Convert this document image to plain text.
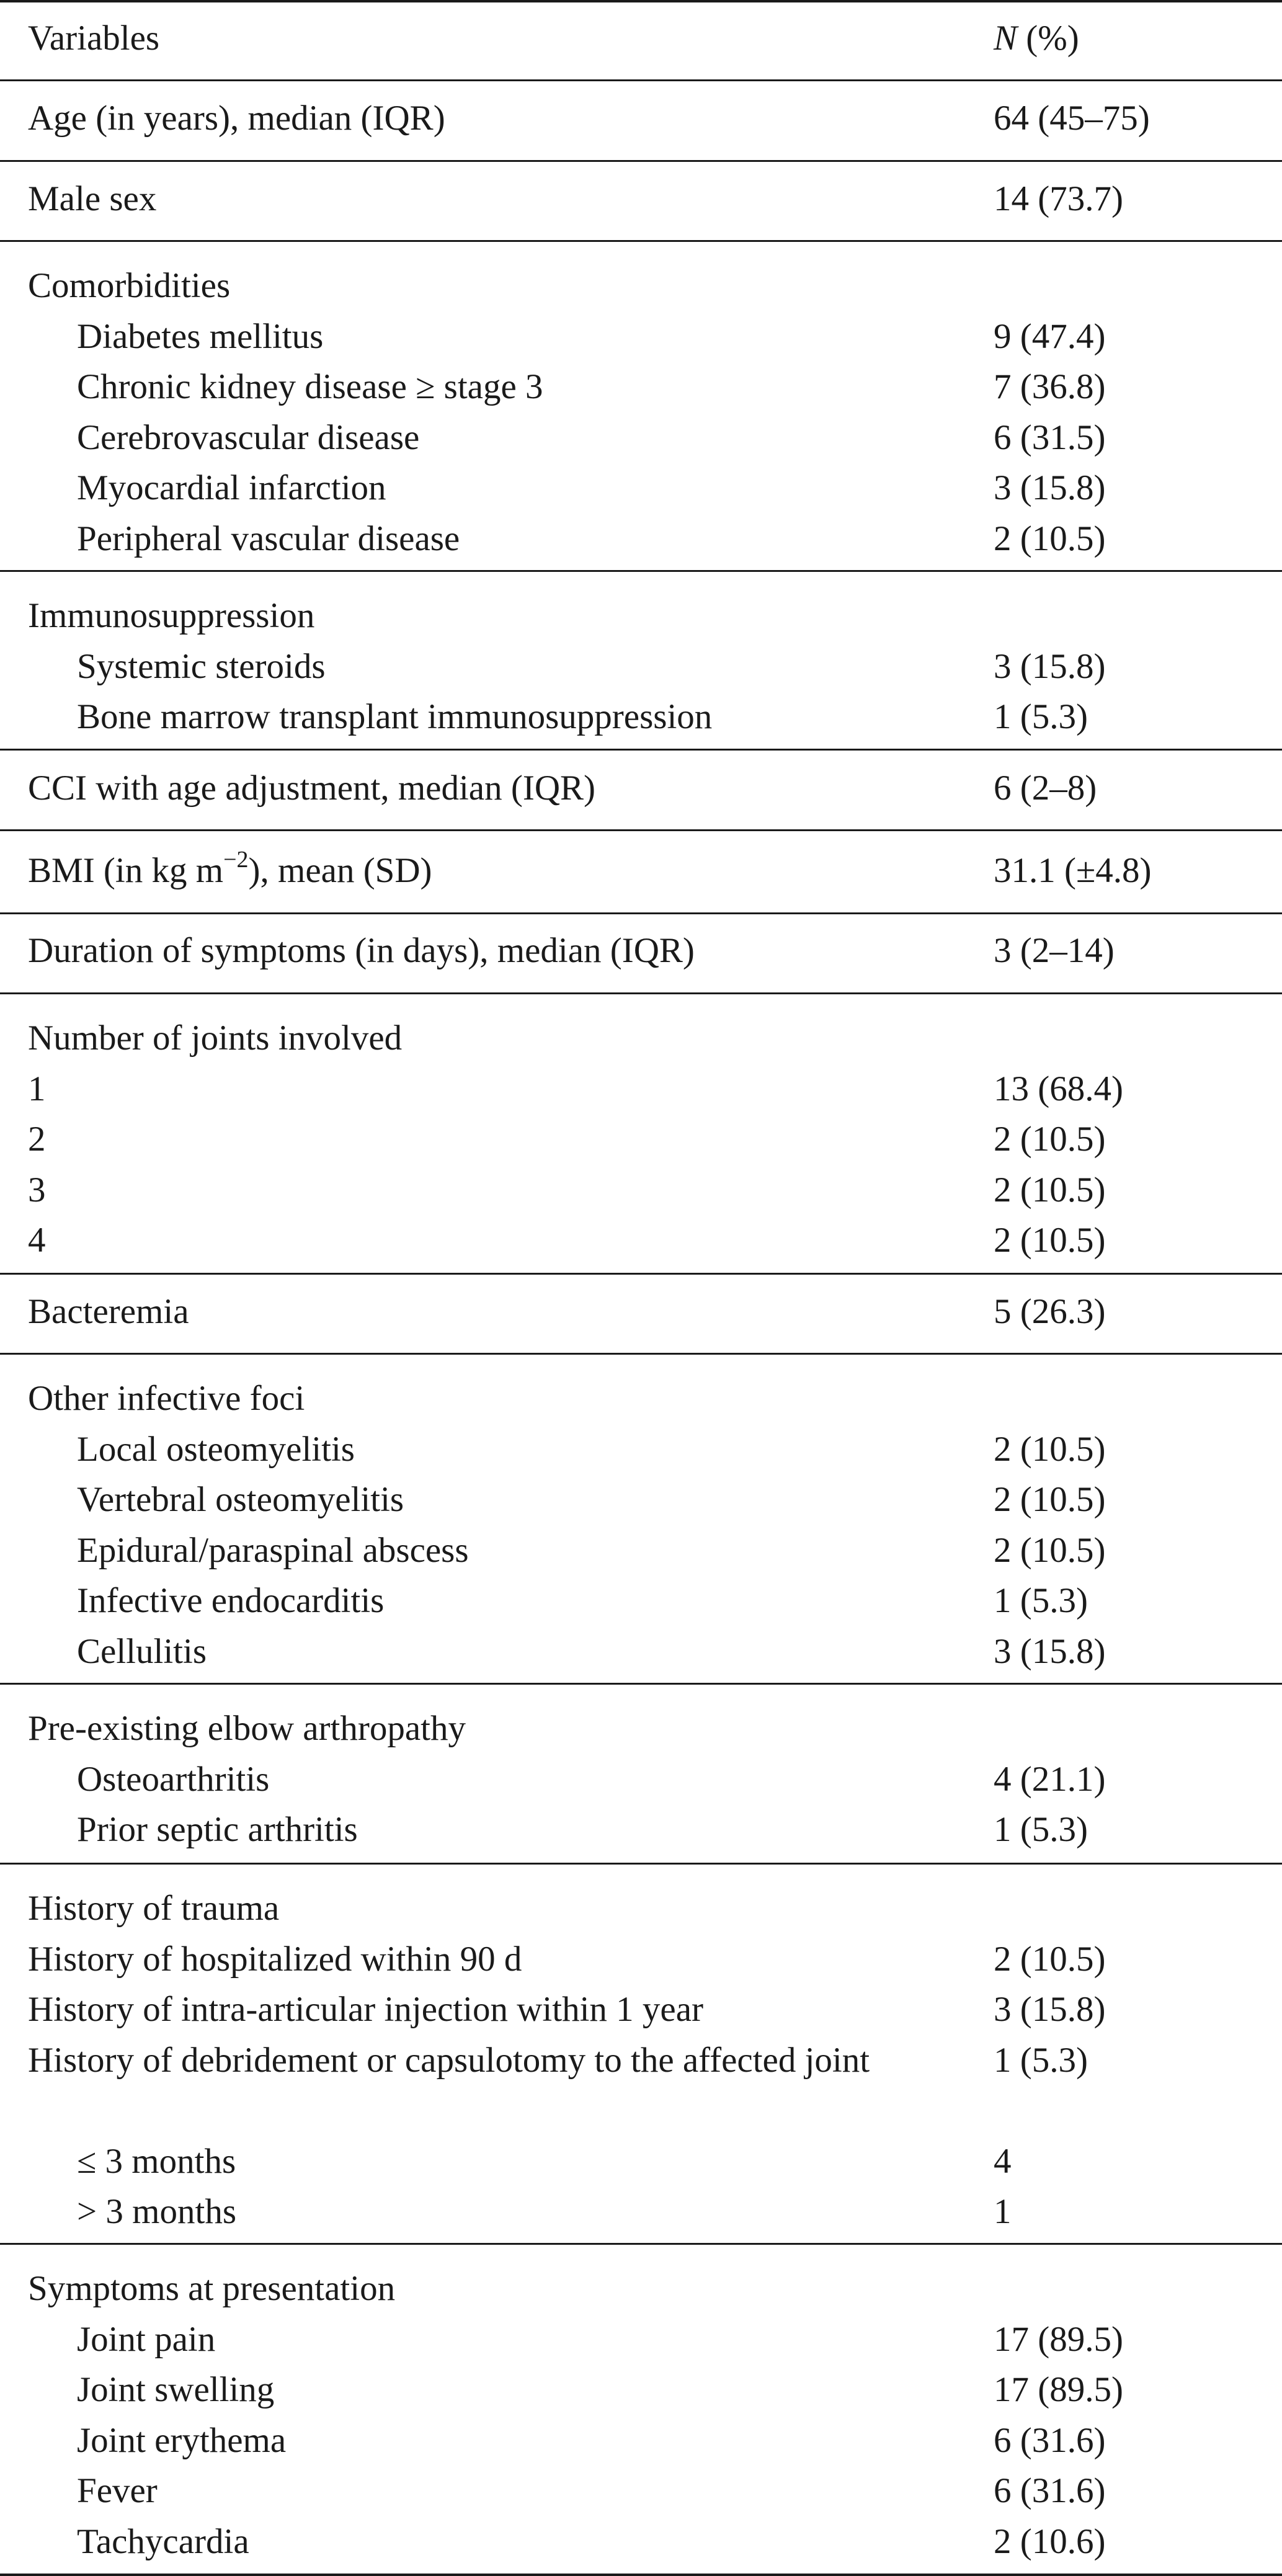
Variables	N (%)
Age (in years), median (IQR)	64 (45–75)
Male sex	14 (73.7)
Comorbidities
Diabetes mellitus	9 (47.4)
Chronic kidney disease ≥ stage 3	7 (36.8)
Cerebrovascular disease	6 (31.5)
Myocardial infarction	3 (15.8)
Peripheral vascular disease	2 (10.5)
Immunosuppression
Systemic steroids	3 (15.8)
Bone marrow transplant immunosuppression	1 (5.3)
CCI with age adjustment, median (IQR)	6 (2–8)
BMI (in kg $m^{-2}$), mean (SD)	31.1 (±4.8)
Duration of symptoms (in days), median (IQR)	3 (2–14)
Number of joints involved
1	13 (68.4)
2	2 (10.5)
3	2 (10.5)
4	2 (10.5)
Bacteremia	5 (26.3)
Other infective foci
Local osteomyelitis	2 (10.5)
Vertebral osteomyelitis	2 (10.5)
Epidural/paraspinal abscess	2 (10.5)
Infective endocarditis	1 (5.3)
Cellulitis	3 (15.8)
Pre-existing elbow arthropathy
Osteoarthritis	4 (21.1)
Prior septic arthritis	1 (5.3)
History of trauma
History of hospitalized within 90 d	2 (10.5)
History of intra-articular injection within 1 year	3 (15.8)
History of debridement or capsulotomy to the affected joint	1 (5.3)
≤ 3 months	4
> 3 months	1
Symptoms at presentation
Joint pain	17 (89.5)
Joint swelling	17 (89.5)
Joint erythema	6 (31.6)
Fever	6 (31.6)
Tachycardia	2 (10.6)
